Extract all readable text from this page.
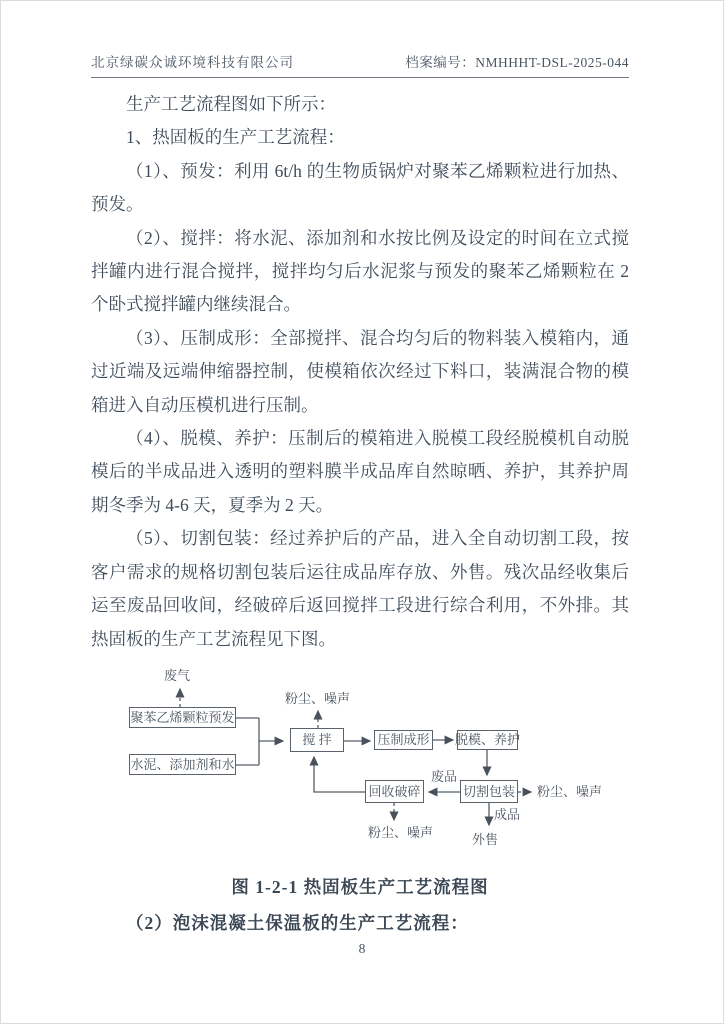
北京绿碳众诚环境科技有限公司	档案编号：NMHHHT-DSL-2025-044

生产工艺流程图如下所示：

1、热固板的生产工艺流程：

（1）、预发：利用 6t/h 的生物质锅炉对聚苯乙烯颗粒进行加热、预发。

（2）、搅拌：将水泥、添加剂和水按比例及设定的时间在立式搅拌罐内进行混合搅拌，搅拌均匀后水泥浆与预发的聚苯乙烯颗粒在 2 个卧式搅拌罐内继续混合。

（3）、压制成形：全部搅拌、混合均匀后的物料装入模箱内，通过近端及远端伸缩器控制，使模箱依次经过下料口，装满混合物的模箱进入自动压模机进行压制。

（4）、脱模、养护：压制后的模箱进入脱模工段经脱模机自动脱模后的半成品进入透明的塑料膜半成品库自然晾晒、养护，其养护周期冬季为 4-6 天，夏季为 2 天。

（5）、切割包装：经过养护后的产品，进入全自动切割工段，按客户需求的规格切割包装后运往成品库存放、外售。残次品经收集后运至废品回收间，经破碎后返回搅拌工段进行综合利用，不外排。其热固板的生产工艺流程见下图。

聚苯乙烯颗粒预发
水泥、添加剂和水
搅 拌	压制成形 脱模、养护
切割包装
回收破碎
废气
粉尘、噪声
废品
粉尘、噪声
成品
外售
粉尘、噪声
图 1-2-1 热固板生产工艺流程图
（2）泡沫混凝土保温板的生产工艺流程：
8
